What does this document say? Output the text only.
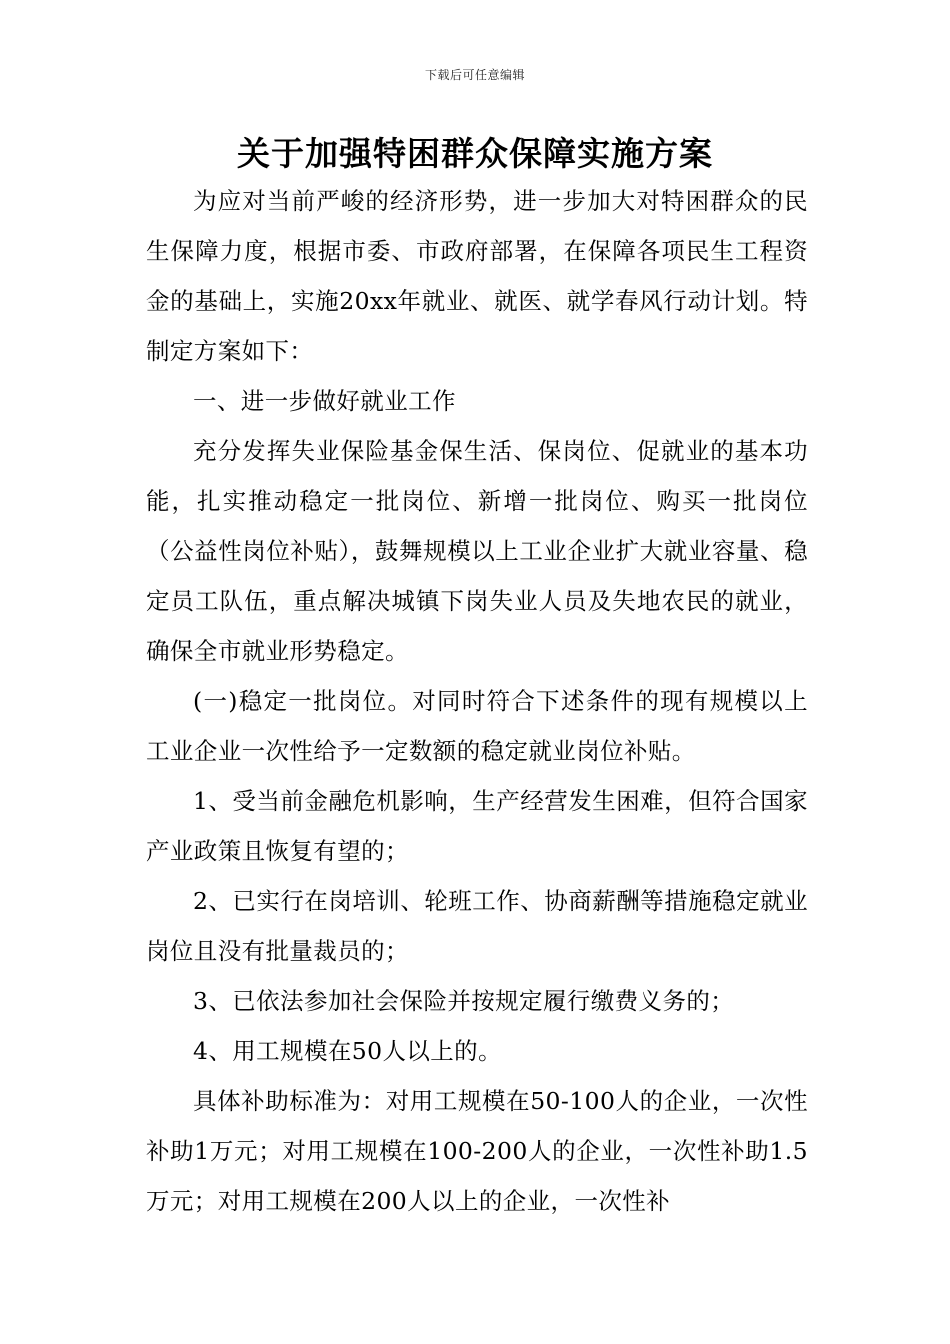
下载后可任意编辑
关于加强特困群众保障实施方案

为应对当前严峻的经济形势，进一步加大对特困群众的民生保障力度，根据市委、市政府部署，在保障各项民生工程资金的基础上，实施20xx年就业、就医、就学春风行动计划。特制定方案如下：

一、进一步做好就业工作

充分发挥失业保险基金保生活、保岗位、促就业的基本功能，扎实推动稳定一批岗位、新增一批岗位、购买一批岗位（公益性岗位补贴），鼓舞规模以上工业企业扩大就业容量、稳定员工队伍，重点解决城镇下岗失业人员及失地农民的就业，确保全市就业形势稳定。

(一)稳定一批岗位。对同时符合下述条件的现有规模以上工业企业一次性给予一定数额的稳定就业岗位补贴。

1、受当前金融危机影响，生产经营发生困难，但符合国家产业政策且恢复有望的；

2、已实行在岗培训、轮班工作、协商薪酬等措施稳定就业岗位且没有批量裁员的；

3、已依法参加社会保险并按规定履行缴费义务的；

4、用工规模在50人以上的。

具体补助标准为：对用工规模在50-100人的企业，一次性补助1万元；对用工规模在100-200人的企业，一次性补助1.5万元；对用工规模在200人以上的企业，一次性补
